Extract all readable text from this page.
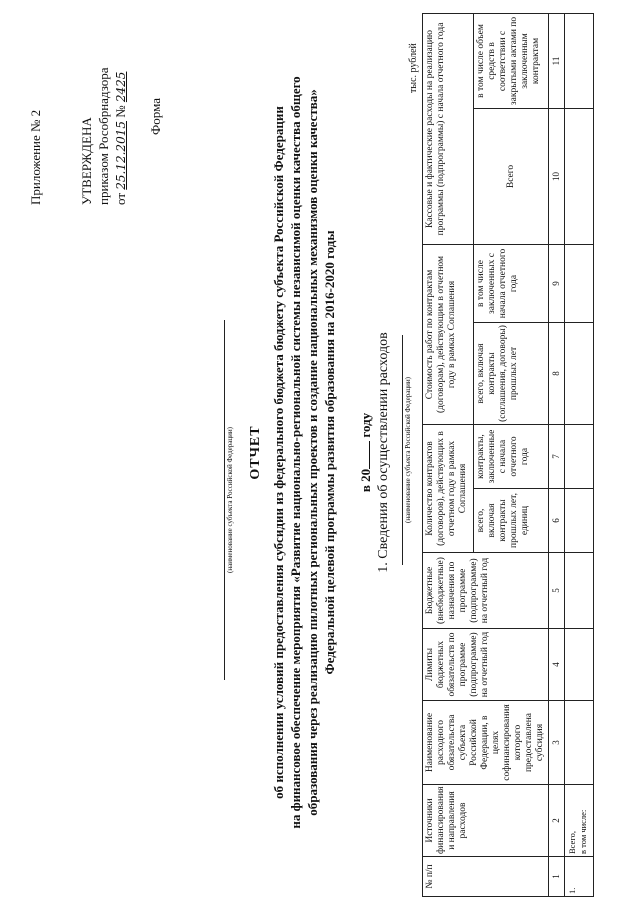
Приложение № 2	УТВЕРЖДЕНА приказом Рособрнадзора от 25.12.2015 № 2425
Форма
(наименование субъекта Российской Федерации) ОТЧЕТ об исполнении условий предоставления субсидии из федерального бюджета бюджету субъекта Российской Федерации на финансовое обеспечение мероприятия «Развитие национально-региональной системы независимой оценки качества общего образования через реализацию пилотных региональных проектов и создание национальных механизмов оценки качества» Федеральной целевой программы развития образования на 2016-2020 годы в 20 году 1. Сведения об осуществлении расходов (наименование субъекта Российской Федерации)
тыс. рублей
№ п/п	Источники финансирования и направления расходов	Наименование расходного обязательства субъекта Российской Федерации, в целях софинансирования которого предоставлена субсидия	Лимиты бюджетных обязательств по программе (подпрограмме) на отчетный год	Бюджетные (внебюджетные) назначения по программе (подпрограмме) на отчетный год	Количество контрактов (договоров), действующих в отчетном году в рамках Соглашения		Стоимость работ по контрактам (договорам), действующим в отчетном году в рамках Соглашения		Кассовые и фактические расходы на реализацию программы (подпрограммы) с начала отчетного года	
					всего, включая контракты прошлых лет, единиц	контракты, заключенные с начала отчетного года	всего, включая контракты (соглашения, договоры) прошлых лет	в том числе заключенных с начала отчетного года	Всего	в том числе объем средств в соответствии с закрытыми актами по заключенным контрактам
1	2	3	4	5	6	7	8	9	10	11
1.	Всего, в том числе:									
